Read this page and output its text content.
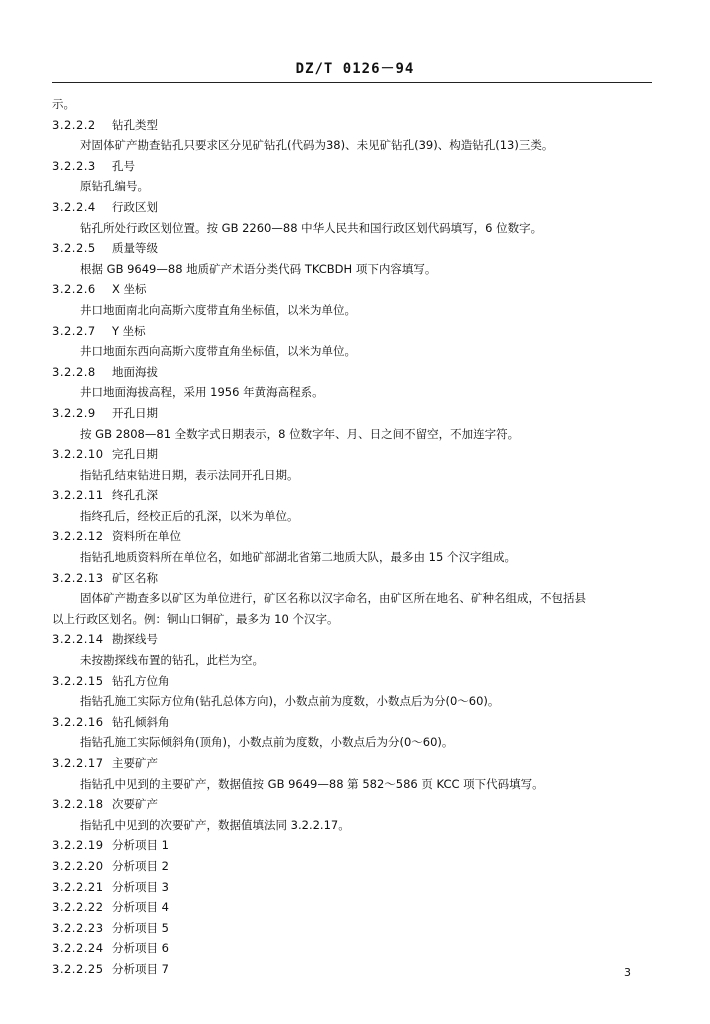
DZ/T 0126－94
示。
3.2.2.2 钻孔类型
对固体矿产勘查钻孔只要求区分见矿钻孔(代码为38)、未见矿钻孔(39)、构造钻孔(13)三类。
3.2.2.3 孔号
原钻孔编号。
3.2.2.4 行政区划
钻孔所处行政区划位置。按 GB 2260—88 中华人民共和国行政区划代码填写，6 位数字。
3.2.2.5 质量等级
根据 GB 9649—88 地质矿产术语分类代码 TKCBDH 项下内容填写。
3.2.2.6 X 坐标
井口地面南北向高斯六度带直角坐标值，以米为单位。
3.2.2.7 Y 坐标
井口地面东西向高斯六度带直角坐标值，以米为单位。
3.2.2.8 地面海拔
井口地面海拔高程，采用 1956 年黄海高程系。
3.2.2.9 开孔日期
按 GB 2808—81 全数字式日期表示，8 位数字年、月、日之间不留空，不加连字符。
3.2.2.10 完孔日期
指钻孔结束钻进日期，表示法同开孔日期。
3.2.2.11 终孔孔深
指终孔后，经校正后的孔深，以米为单位。
3.2.2.12 资料所在单位
指钻孔地质资料所在单位名，如地矿部湖北省第二地质大队，最多由 15 个汉字组成。
3.2.2.13 矿区名称
固体矿产勘查多以矿区为单位进行，矿区名称以汉字命名，由矿区所在地名、矿种名组成，不包括县
以上行政区划名。例：铜山口铜矿，最多为 10 个汉字。
3.2.2.14 勘探线号
未按勘探线布置的钻孔，此栏为空。
3.2.2.15 钻孔方位角
指钻孔施工实际方位角(钻孔总体方向)，小数点前为度数，小数点后为分(0～60)。
3.2.2.16 钻孔倾斜角
指钻孔施工实际倾斜角(顶角)，小数点前为度数，小数点后为分(0～60)。
3.2.2.17 主要矿产
指钻孔中见到的主要矿产，数据值按 GB 9649—88 第 582～586 页 KCC 项下代码填写。
3.2.2.18 次要矿产
指钻孔中见到的次要矿产，数据值填法同 3.2.2.17。
3.2.2.19 分析项目 1
3.2.2.20 分析项目 2
3.2.2.21 分析项目 3
3.2.2.22 分析项目 4
3.2.2.23 分析项目 5
3.2.2.24 分析项目 6
3.2.2.25 分析项目 7	3
